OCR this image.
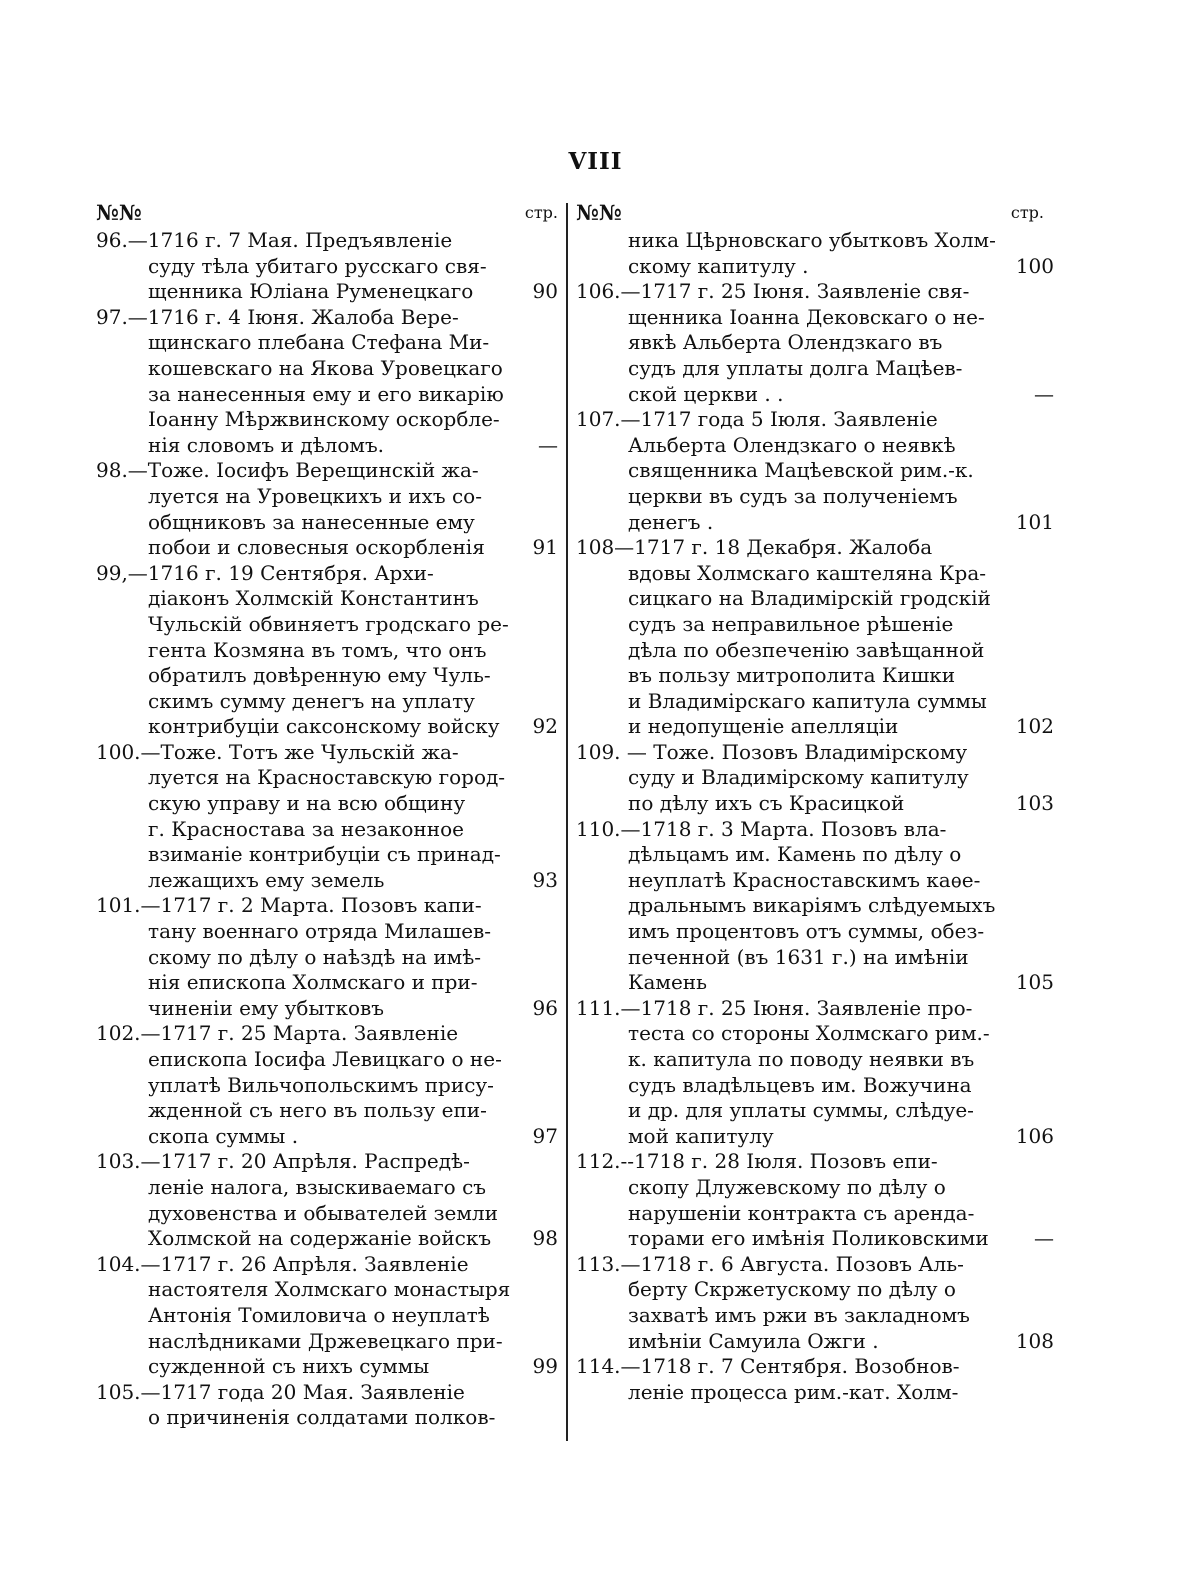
VIII
№№	стр.
96.—1716 г. 7 Мая. Предъявленіе
суду тѣла убитаго русскаго свя-
щенника Юліана Руменецкаго	90
97.—1716 г. 4 Іюня. Жалоба Вере-
щинскаго плебана Стефана Ми-
кошевскаго на Якова Уровецкаго
за нанесенныя ему и его викарію
Іоанну Мѣржвинскому оскорбле-
нія словомъ и дѣломъ.	—
98.—Тоже. Іосифъ Верещинскій жа-
луется на Уровецкихъ и ихъ со-
общниковъ за нанесенные ему
побои и словесныя оскорбленія	91
99,—1716 г. 19 Сентября. Архи-
діаконъ Холмскій Константинъ
Чульскій обвиняетъ гродскаго ре-
гента Козмяна въ томъ, что онъ
обратилъ довѣренную ему Чуль-
скимъ сумму денегъ на уплату
контрибуціи саксонскому войску	92
100.—Тоже. Тотъ же Чульскій жа-
луется на Красноставскую город-
скую управу и на всю общину
г. Красностава за незаконное
взиманіе контрибуціи съ принад-
лежащихъ ему земель	93
101.—1717 г. 2 Марта. Позовъ капи-
тану военнаго отряда Милашев-
скому по дѣлу о наѣздѣ на имѣ-
нія епископа Холмскаго и при-
чиненіи ему убытковъ	96
102.—1717 г. 25 Марта. Заявленіе
епископа Іосифа Левицкаго о не-
уплатѣ Вильчопольскимъ прису-
жденной съ него въ пользу епи-
скопа суммы .	97
103.—1717 г. 20 Апрѣля. Распредѣ-
леніе налога, взыскиваемаго съ
духовенства и обывателей земли
Холмской на содержаніе войскъ	98
104.—1717 г. 26 Апрѣля. Заявленіе
настоятеля Холмскаго монастыря
Антонія Томиловича о неуплатѣ
наслѣдниками Држевецкаго при-
сужденной съ нихъ суммы	99
105.—1717 года 20 Мая. Заявленіе
о причиненія солдатами полков-
№№	стр.
ника Цѣрновскаго убытковъ Холм-
скому капитулу .	100
106.—1717 г. 25 Іюня. Заявленіе свя-
щенника Іоанна Дековскаго о не-
явкѣ Альберта Олендзкаго въ
судъ для уплаты долга Мацѣев-
ской церкви . .	—
107.—1717 года 5 Іюля. Заявленіе
Альберта Олендзкаго о неявкѣ
священника Мацѣевской рим.-к.
церкви въ судъ за полученіемъ
денегъ .	101
108—1717 г. 18 Декабря. Жалоба
вдовы Холмскаго каштеляна Кра-
сицкаго на Владимірскій гродскій
судъ за неправильное рѣшеніе
дѣла по обезпеченію завѣщанной
въ пользу митрополита Кишки
и Владимірскаго капитула суммы
и недопущеніе апелляціи	102
109. — Тоже. Позовъ Владимірскому
суду и Владимірскому капитулу
по дѣлу ихъ съ Красицкой	103
110.—1718 г. 3 Марта. Позовъ вла-
дѣльцамъ им. Камень по дѣлу о
неуплатѣ Красноставскимъ каѳе-
дральнымъ викаріямъ слѣдуемыхъ
имъ процентовъ отъ суммы, обез-
печенной (въ 1631 г.) на имѣніи
Камень	105
111.—1718 г. 25 Іюня. Заявленіе про-
теста со стороны Холмскаго рим.-
к. капитула по поводу неявки въ
судъ владѣльцевъ им. Вожучина
и др. для уплаты суммы, слѣдуе-
мой капитулу	106
112.--1718 г. 28 Іюля. Позовъ епи-
скопу Длужевскому по дѣлу о
нарушеніи контракта съ аренда-
торами его имѣнія Поликовскими	—
113.—1718 г. 6 Августа. Позовъ Аль-
берту Скржетускому по дѣлу о
захватѣ имъ ржи въ закладномъ
имѣніи Самуила Ожги .	108
114.—1718 г. 7 Сентября. Возобнов-
леніе процесса рим.-кат. Холм-
